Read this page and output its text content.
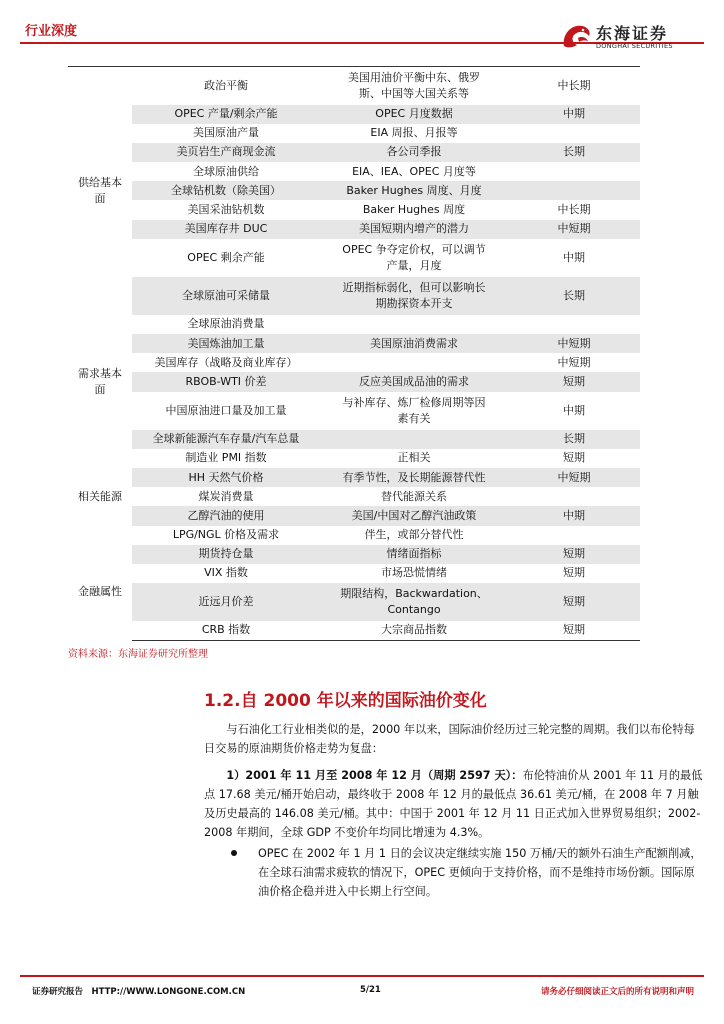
行业深度	东海证券
DONGHAI SECURITIES
供给基本面	政治平衡	美国用油价平衡中东、俄罗斯、中国等大国关系等	中长期
	OPEC 产量/剩余产能	OPEC 月度数据	中期
	美国原油产量	EIA 周报、月报等	
	美页岩生产商现金流	各公司季报	长期
	全球原油供给	EIA、IEA、OPEC 月度等	
	全球钻机数（除美国）	Baker Hughes 周度、月度	
	美国采油钻机数	Baker Hughes 周度	中长期
	美国库存井 DUC	美国短期内增产的潜力	中短期
	OPEC 剩余产能	OPEC 争夺定价权，可以调节产量，月度	中期
	全球原油可采储量	近期指标弱化，但可以影响长期勘探资本开支	长期
需求基本面	全球原油消费量		
	美国炼油加工量	美国原油消费需求	中短期
	美国库存（战略及商业库存）		中短期
	RBOB-WTI 价差	反应美国成品油的需求	短期
	中国原油进口量及加工量	与补库存、炼厂检修周期等因素有关	中期
	全球新能源汽车存量/汽车总量		长期
相关能源	制造业 PMI 指数	正相关	短期
	HH 天然气价格	有季节性，及长期能源替代性	中短期
	煤炭消费量	替代能源关系	
	乙醇汽油的使用	美国/中国对乙醇汽油政策	中期
	LPG/NGL 价格及需求	伴生，或部分替代性	
金融属性	期货持仓量	情绪面指标	短期
	VIX 指数	市场恐慌情绪	短期
	近远月价差	期限结构，Backwardation、Contango	短期
	CRB 指数	大宗商品指数	短期
资料来源：东海证券研究所整理
1.2.自 2000 年以来的国际油价变化
与石油化工行业相类似的是，2000 年以来，国际油价经历过三轮完整的周期。我们以布伦特每日交易的原油期货价格走势为复盘：
1）2001 年 11 月至 2008 年 12 月（周期 2597 天）：布伦特油价从 2001 年 11 月的最低点 17.68 美元/桶开始启动，最终收于 2008 年 12 月的最低点 36.61 美元/桶，在 2008 年 7 月触及历史最高的 146.08 美元/桶。其中：中国于 2001 年 12 月 11 日正式加入世界贸易组织；2002-2008 年期间，全球 GDP 不变价年均同比增速为 4.3%。
OPEC 在 2002 年 1 月 1 日的会议决定继续实施 150 万桶/天的额外石油生产配额削减，在全球石油需求疲软的情况下，OPEC 更倾向于支持价格，而不是维持市场份额。国际原油价格企稳并进入中长期上行空间。
证券研究报告　HTTP://WWW.LONGONE.COM.CN	5/21	请务必仔细阅读正文后的所有说明和声明
